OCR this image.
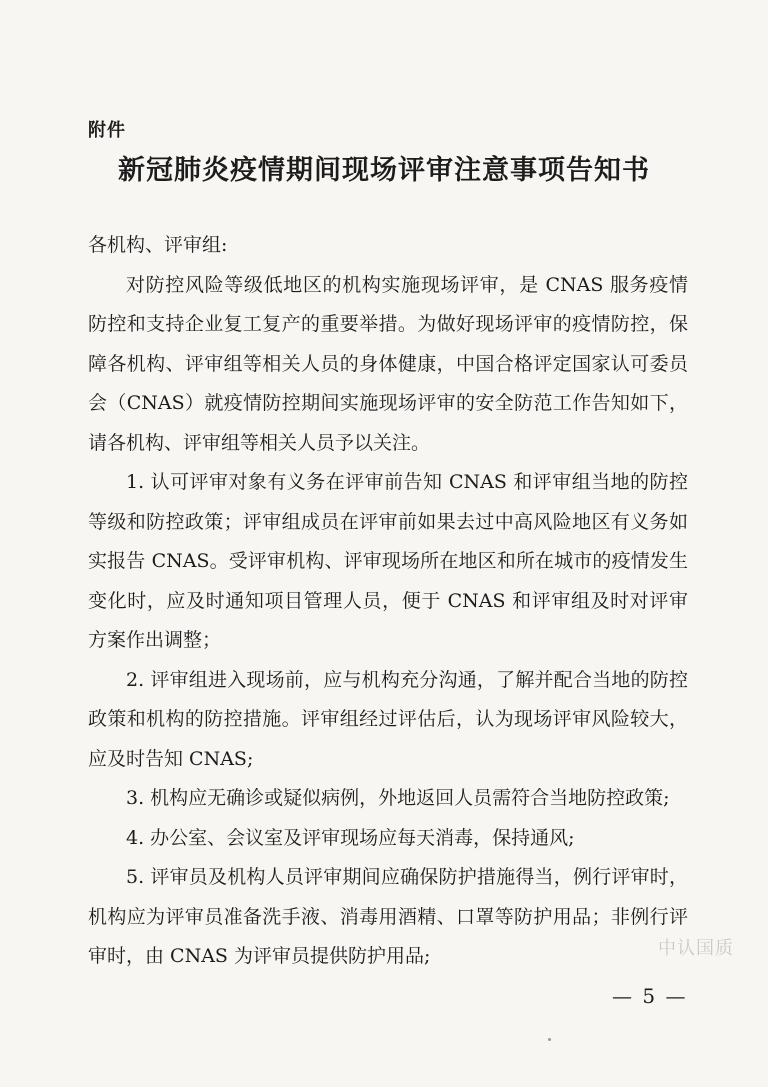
附件
新冠肺炎疫情期间现场评审注意事项告知书

各机构、评审组:

对防控风险等级低地区的机构实施现场评审，是 CNAS 服务疫情防控和支持企业复工复产的重要举措。为做好现场评审的疫情防控，保障各机构、评审组等相关人员的身体健康，中国合格评定国家认可委员会（CNAS）就疫情防控期间实施现场评审的安全防范工作告知如下，请各机构、评审组等相关人员予以关注。

1. 认可评审对象有义务在评审前告知 CNAS 和评审组当地的防控等级和防控政策；评审组成员在评审前如果去过中高风险地区有义务如实报告 CNAS。受评审机构、评审现场所在地区和所在城市的疫情发生变化时，应及时通知项目管理人员，便于 CNAS 和评审组及时对评审方案作出调整；

2. 评审组进入现场前，应与机构充分沟通，了解并配合当地的防控政策和机构的防控措施。评审组经过评估后，认为现场评审风险较大，应及时告知 CNAS;

3. 机构应无确诊或疑似病例，外地返回人员需符合当地防控政策;

4. 办公室、会议室及评审现场应每天消毒，保持通风;

5. 评审员及机构人员评审期间应确保防护措施得当，例行评审时，机构应为评审员准备洗手液、消毒用酒精、口罩等防护用品；非例行评审时，由 CNAS 为评审员提供防护用品;	中认国质
— 5 —
